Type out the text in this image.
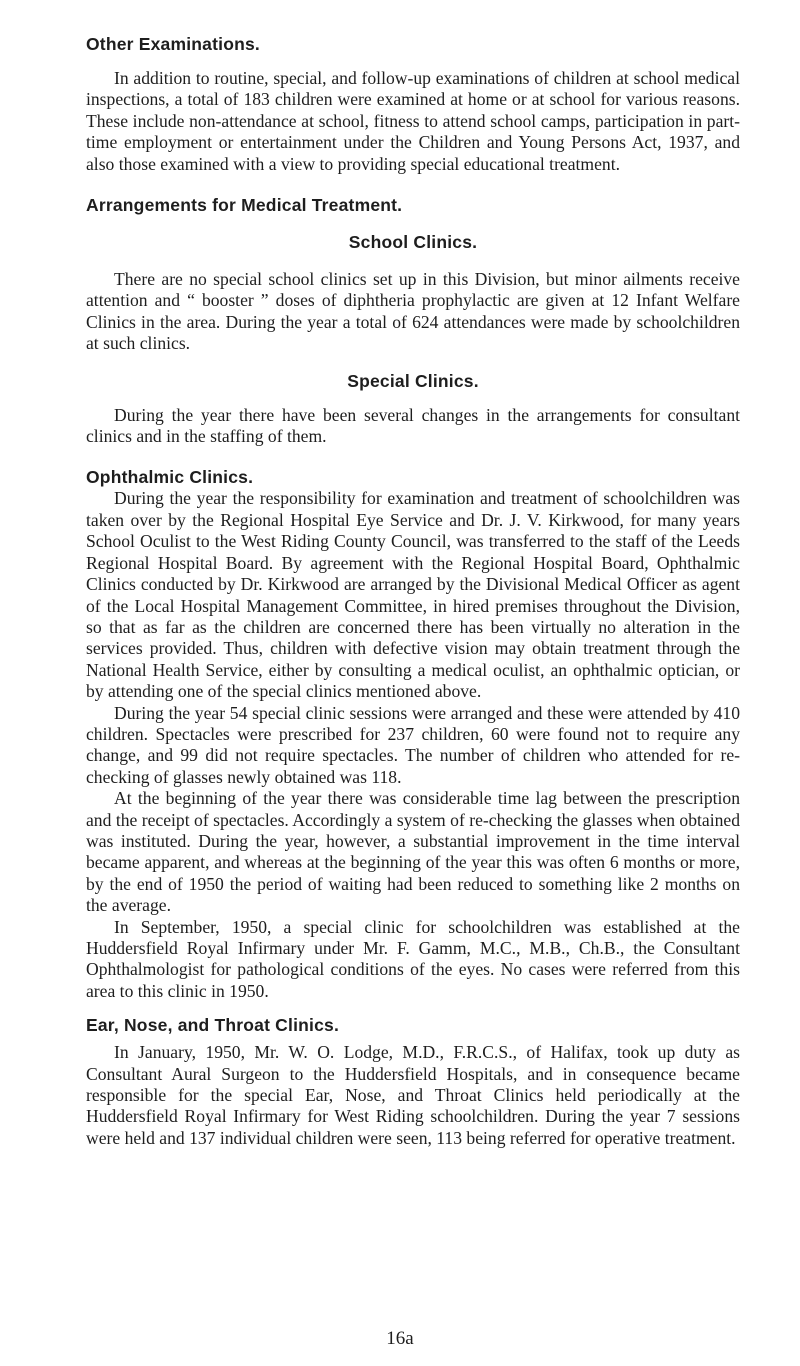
Other Examinations.

In addition to routine, special, and follow-up examinations of children at school medical inspections, a total of 183 children were examined at home or at school for various reasons. These include non-attendance at school, fitness to attend school camps, participation in part-time employment or entertainment under the Children and Young Persons Act, 1937, and also those examined with a view to providing special educational treatment.

Arrangements for Medical Treatment.
School Clinics.

There are no special school clinics set up in this Division, but minor ailments receive attention and “ booster ” doses of diphtheria prophylactic are given at 12 Infant Welfare Clinics in the area. During the year a total of 624 attendances were made by schoolchildren at such clinics.

Special Clinics.

During the year there have been several changes in the arrangements for consultant clinics and in the staffing of them.

Ophthalmic Clinics.

During the year the responsibility for examination and treatment of schoolchildren was taken over by the Regional Hospital Eye Service and Dr. J. V. Kirkwood, for many years School Oculist to the West Riding County Council, was transferred to the staff of the Leeds Regional Hospital Board. By agreement with the Regional Hospital Board, Ophthalmic Clinics conducted by Dr. Kirkwood are arranged by the Divisional Medical Officer as agent of the Local Hospital Management Committee, in hired premises throughout the Division, so that as far as the children are concerned there has been virtually no alteration in the services provided. Thus, children with defective vision may obtain treatment through the National Health Service, either by consulting a medical oculist, an ophthalmic optician, or by attending one of the special clinics mentioned above.

During the year 54 special clinic sessions were arranged and these were attended by 410 children. Spectacles were prescribed for 237 children, 60 were found not to require any change, and 99 did not require spectacles. The number of children who attended for re-checking of glasses newly obtained was 118.

At the beginning of the year there was considerable time lag between the prescription and the receipt of spectacles. Accordingly a system of re-checking the glasses when obtained was instituted. During the year, however, a substantial improvement in the time interval became apparent, and whereas at the beginning of the year this was often 6 months or more, by the end of 1950 the period of waiting had been reduced to something like 2 months on the average.

In September, 1950, a special clinic for schoolchildren was established at the Huddersfield Royal Infirmary under Mr. F. Gamm, M.C., M.B., Ch.B., the Consultant Ophthalmologist for pathological conditions of the eyes. No cases were referred from this area to this clinic in 1950.

Ear, Nose, and Throat Clinics.

In January, 1950, Mr. W. O. Lodge, M.D., F.R.C.S., of Halifax, took up duty as Consultant Aural Surgeon to the Huddersfield Hospitals, and in consequence became responsible for the special Ear, Nose, and Throat Clinics held periodically at the Huddersfield Royal Infirmary for West Riding schoolchildren. During the year 7 sessions were held and 137 individual children were seen, 113 being referred for operative treatment.

16a
